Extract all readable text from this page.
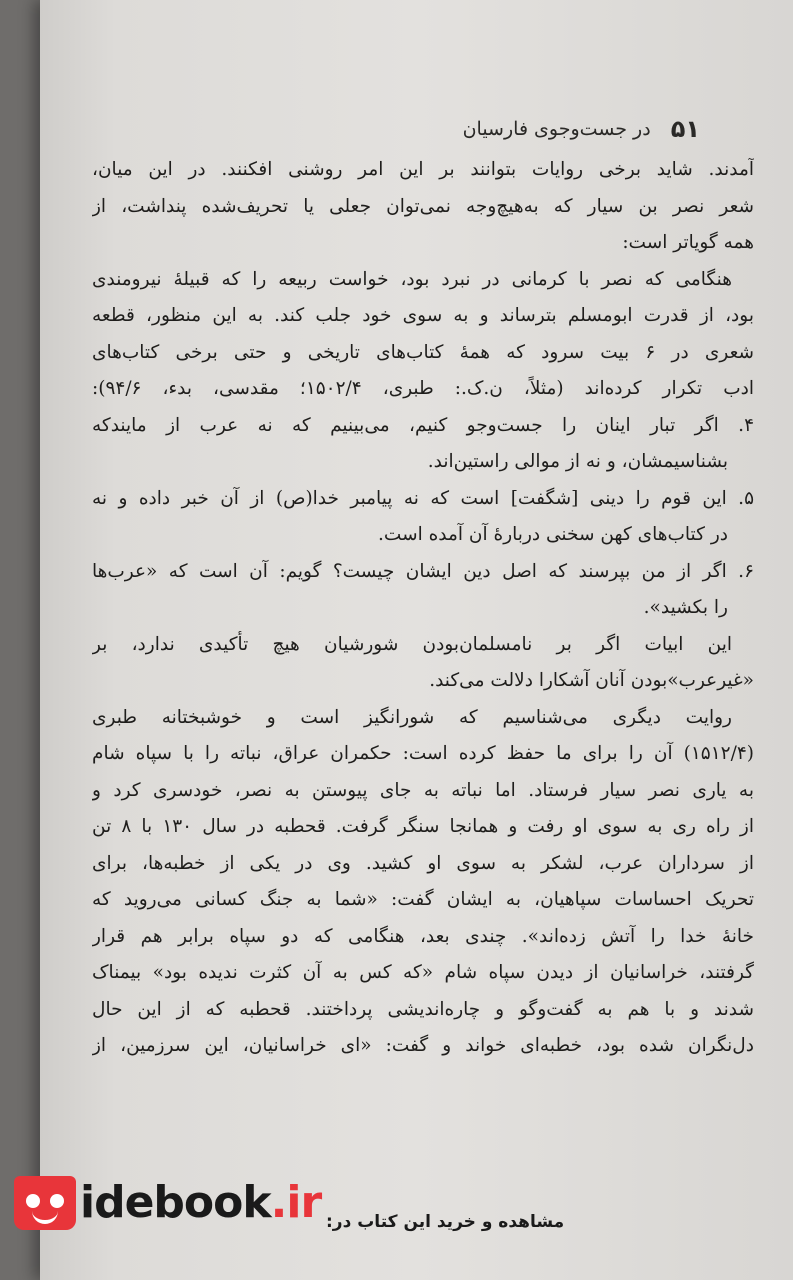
۵۱
در جست‌وجوی فارسیان
آمدند. شاید برخی روایات بتوانند بر این امر روشنی افکنند. در این میان،
شعر نصر بن سیار که به‌هیچ‌وجه نمی‌توان جعلی یا تحریف‌شده پنداشت، از
همه گویاتر است:
هنگامی که نصر با کرمانی در نبرد بود، خواست ربیعه را که قبیلهٔ نیرومندی
بود، از قدرت ابومسلم بترساند و به سوی خود جلب کند. به این منظور، قطعه
شعری در ۶ بیت سرود که همهٔ کتاب‌های تاریخی و حتی برخی کتاب‌های
ادب تکرار کرده‌اند (مثلاً، ن.ک.: طبری، ۱۵۰۲/۴؛ مقدسی، بدء، ۹۴/۶):
۴. اگر تبار اینان را جست‌وجو کنیم، می‌بینیم که نه عرب از مایندکه
بشناسیمشان، و نه از موالی راستین‌اند.
۵. این قوم را دینی [شگفت] است که نه پیامبر خدا(ص) از آن خبر داده و نه
در کتاب‌های کهن سخنی دربارهٔ آن آمده است.
۶. اگر از من بپرسند که اصل دین ایشان چیست؟ گویم: آن است که «عرب‌ها
را بکشید».
این ابیات اگر بر نامسلمان‌بودن شورشیان هیچ تأکیدی ندارد، بر
«غیرعرب»بودن آنان آشکارا دلالت می‌کند.
روایت دیگری می‌شناسیم که شورانگیز است و خوشبختانه طبری
(۱۵۱۲/۴) آن را برای ما حفظ کرده است: حکمران عراق، نباته را با سپاه شام
به یاری نصر سیار فرستاد. اما نباته به جای پیوستن به نصر، خودسری کرد و
از راه ری به سوی او رفت و همانجا سنگر گرفت. قحطبه در سال ۱۳۰ با ۸ تن
از سرداران عرب، لشکر به سوی او کشید. وی در یکی از خطبه‌ها، برای
تحریک احساسات سپاهیان، به ایشان گفت: «شما به جنگ کسانی می‌روید که
خانهٔ خدا را آتش زده‌اند». چندی بعد، هنگامی که دو سپاه برابر هم قرار
گرفتند، خراسانیان از دیدن سپاه شام «که کس به آن کثرت ندیده بود» بیمناک
شدند و با هم به گفت‌وگو و چاره‌اندیشی پرداختند. قحطبه که از این حال
دل‌نگران شده بود، خطبه‌ای خواند و گفت: «ای خراسانیان، این سرزمین، از
idebook.ir مشاهده و خرید این کتاب در:
